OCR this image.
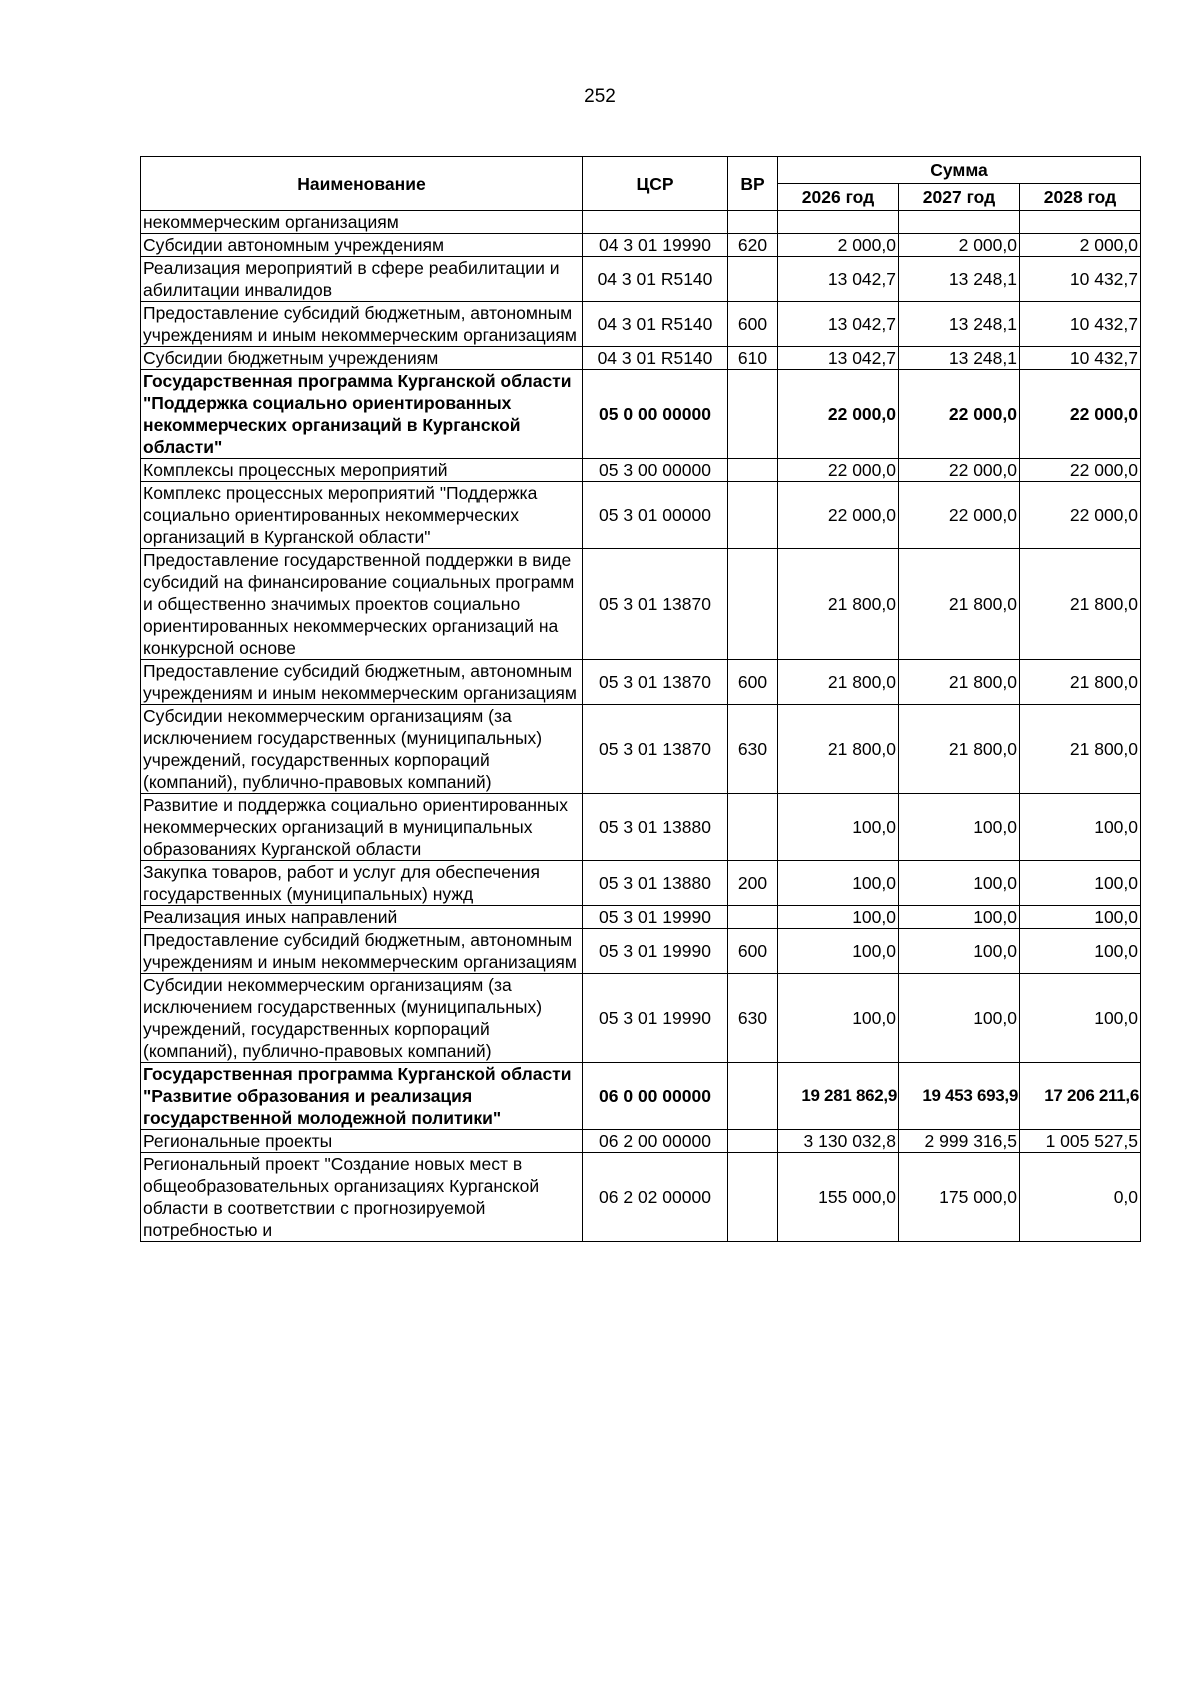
252
Наименование	ЦСР	ВР	Сумма		
			2026 год	2027 год	2028 год
некоммерческим организациям					
Субсидии автономным учреждениям	04 3 01 19990	620	2 000,0	2 000,0	2 000,0
Реализация мероприятий в сфере реабилитации и абилитации инвалидов	04 3 01 R5140		13 042,7	13 248,1	10 432,7
Предоставление субсидий бюджетным, автономным учреждениям и иным некоммерческим организациям	04 3 01 R5140	600	13 042,7	13 248,1	10 432,7
Субсидии бюджетным учреждениям	04 3 01 R5140	610	13 042,7	13 248,1	10 432,7
Государственная программа Курганской области "Поддержка социально ориентированных некоммерческих организаций в Курганской области"	05 0 00 00000		22 000,0	22 000,0	22 000,0
Комплексы процессных мероприятий	05 3 00 00000		22 000,0	22 000,0	22 000,0
Комплекс процессных мероприятий "Поддержка социально ориентированных некоммерческих организаций в Курганской области"	05 3 01 00000		22 000,0	22 000,0	22 000,0
Предоставление государственной поддержки в виде субсидий на финансирование социальных программ и общественно значимых проектов социально ориентированных некоммерческих организаций на конкурсной основе	05 3 01 13870		21 800,0	21 800,0	21 800,0
Предоставление субсидий бюджетным, автономным учреждениям и иным некоммерческим организациям	05 3 01 13870	600	21 800,0	21 800,0	21 800,0
Субсидии некоммерческим организациям (за исключением государственных (муниципальных) учреждений, государственных корпораций (компаний), публично-правовых компаний)	05 3 01 13870	630	21 800,0	21 800,0	21 800,0
Развитие и поддержка социально ориентированных некоммерческих организаций в муниципальных образованиях Курганской области	05 3 01 13880		100,0	100,0	100,0
Закупка товаров, работ и услуг для обеспечения государственных (муниципальных) нужд	05 3 01 13880	200	100,0	100,0	100,0
Реализация иных направлений	05 3 01 19990		100,0	100,0	100,0
Предоставление субсидий бюджетным, автономным учреждениям и иным некоммерческим организациям	05 3 01 19990	600	100,0	100,0	100,0
Субсидии некоммерческим организациям (за исключением государственных (муниципальных) учреждений, государственных корпораций (компаний), публично-правовых компаний)	05 3 01 19990	630	100,0	100,0	100,0
Государственная программа Курганской области "Развитие образования и реализация государственной молодежной политики"	06 0 00 00000		19 281 862,9	19 453 693,9	17 206 211,6
Региональные проекты	06 2 00 00000		3 130 032,8	2 999 316,5	1 005 527,5
Региональный проект "Создание новых мест в общеобразовательных организациях Курганской области в соответствии с прогнозируемой потребностью и	06 2 02 00000		155 000,0	175 000,0	0,0
